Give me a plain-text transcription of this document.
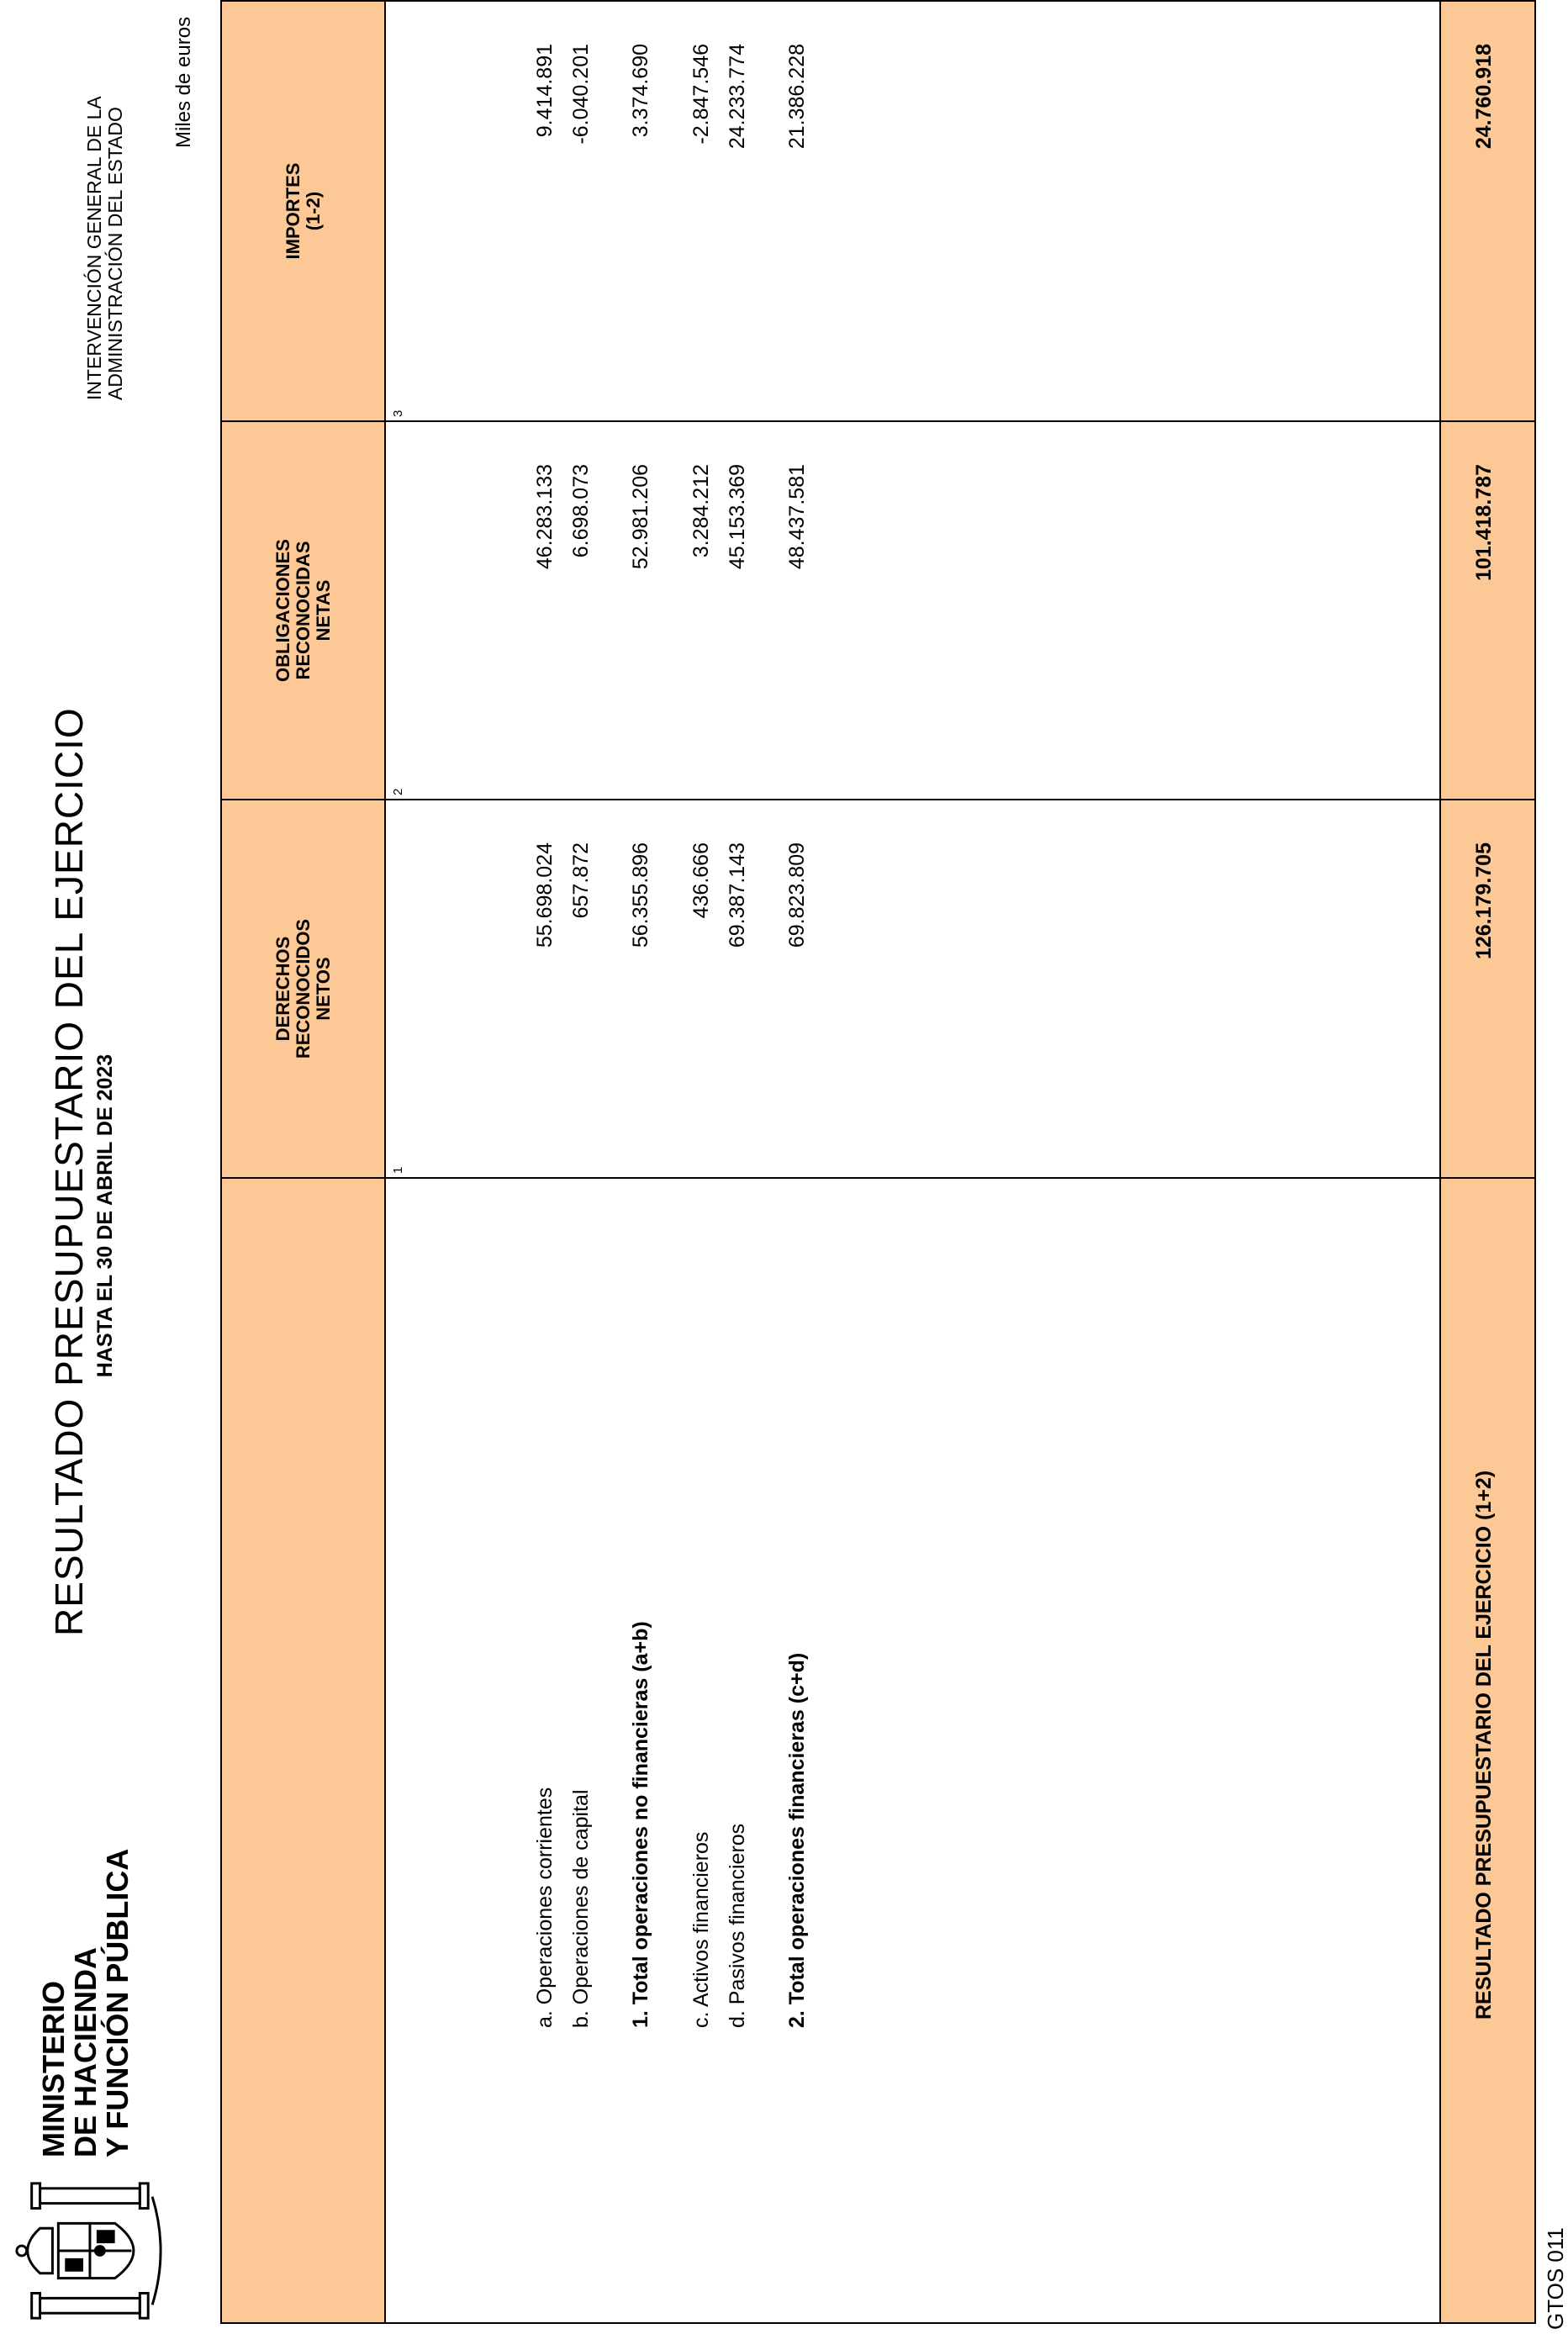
MINISTERIO
DE HACIENDA
Y FUNCIÓN PÚBLICA
RESULTADO PRESUPUESTARIO DEL EJERCICIO HASTA EL 30 DE ABRIL DE 2023
INTERVENCIÓN GENERAL DE LA ADMINISTRACIÓN DEL ESTADO
Miles de euros
DERECHOS RECONOCIDOS NETOS
OBLIGACIONES RECONOCIDAS NETAS
IMPORTES (1-2)
1
2
3
a. Operaciones corrientes
55.698.024
46.283.133
9.414.891
b. Operaciones de capital
657.872
6.698.073
-6.040.201
1. Total operaciones no financieras (a+b)
56.355.896
52.981.206
3.374.690
c. Activos financieros
436.666
3.284.212
-2.847.546
d. Pasivos financieros
69.387.143
45.153.369
24.233.774
2. Total operaciones financieras (c+d)
69.823.809
48.437.581
21.386.228
RESULTADO PRESUPUESTARIO DEL EJERCICIO (1+2)
126.179.705
101.418.787
24.760.918
GTOS 011
